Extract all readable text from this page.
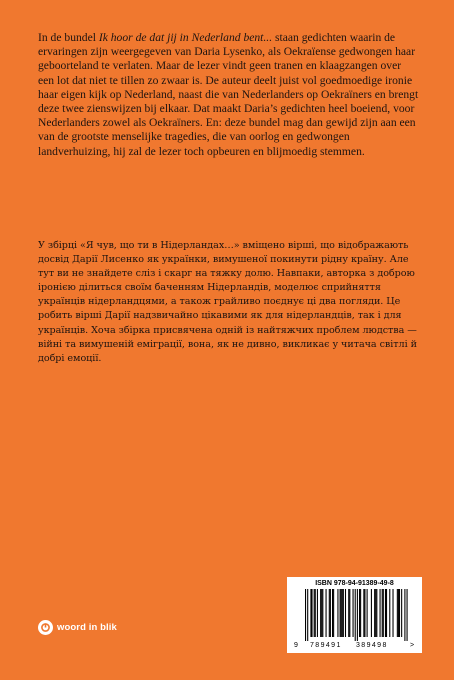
In de bundel Ik hoor de dat jij in Nederland bent... staan gedichten waarin de ervaringen zijn weergegeven van Daria Lysenko, als Oekraïense gedwongen haar geboorteland te verlaten. Maar de lezer vindt geen tranen en klaagzangen over een lot dat niet te tillen zo zwaar is. De auteur deelt juist vol goedmoedige ironie haar eigen kijk op Nederland, naast die van Nederlanders op Oekraïners en brengt deze twee zienswijzen bij elkaar. Dat maakt Daria’s gedichten heel boeiend, voor Nederlanders zowel als Oekraïners. En: deze bundel mag dan gewijd zijn aan een van de grootste menselijke tragedies, die van oorlog en gedwongen landverhuizing, hij zal de lezer toch opbeuren en blijmoedig stemmen.
У збірці «Я чув, що ти в Нідерландах…» вміщено вірші, що відображають досвід Дарії Лисенко як українки, вимушеної покинути рідну країну. Але тут ви не знайдете сліз і скарг на тяжку долю. Навпаки, авторка з доброю іронією ділиться своїм баченням Нідерландів, моделює сприйняття українців нідерландцями, а також грайливо поєднує ці два погляди. Це робить вірші Дарії надзвичайно цікавими як для нідерландців, так і для українців. Хоча збірка присвячена одній із найтяжчих проблем людства — війні та вимушеній еміграції, вона, як не дивно, викликає у читача світлі й добрі емоції.
woord in blik
ISBN 978-94-91389-49-8
9 789491 389498	>
